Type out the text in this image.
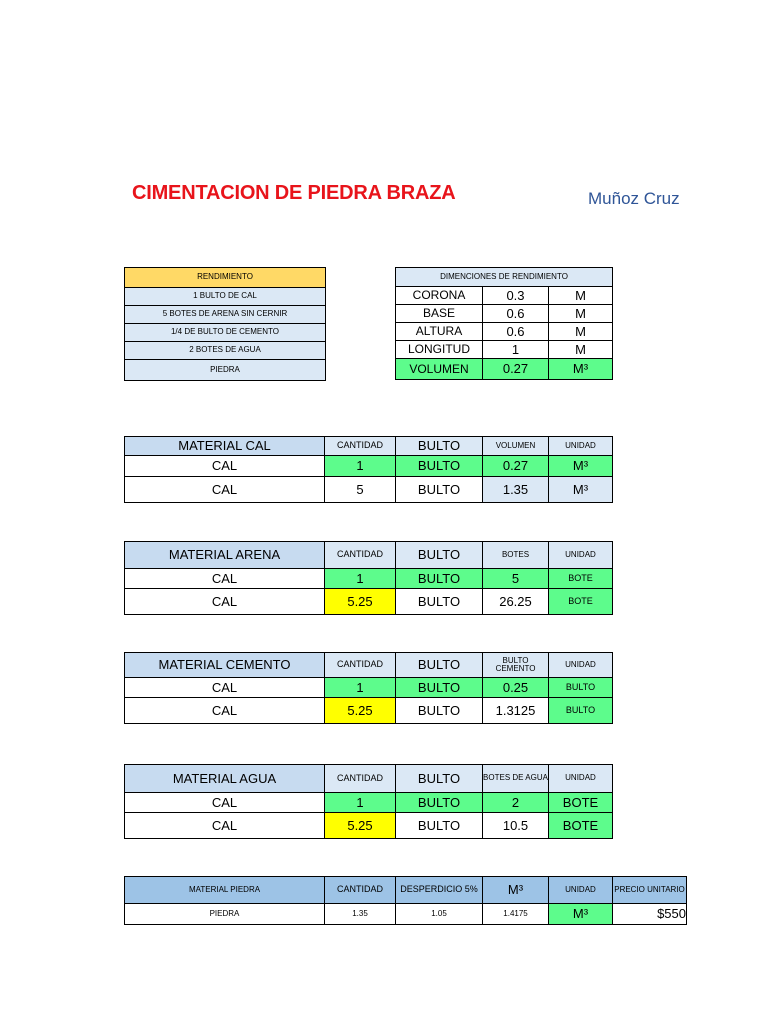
CIMENTACION DE PIEDRA BRAZA	Muñoz Cruz
RENDIMIENTO
1 BULTO DE CAL
5 BOTES DE ARENA SIN CERNIR
1/4 DE BULTO DE CEMENTO
2 BOTES DE AGUA
PIEDRA
DIMENCIONES DE RENDIMIENTO		
CORONA	0.3	M
BASE	0.6	M
ALTURA	0.6	M
LONGITUD	1	M
VOLUMEN	0.27	M³
MATERIAL CAL	CANTIDAD	BULTO	VOLUMEN	UNIDAD
CAL	1	BULTO	0.27	M³
CAL	5	BULTO	1.35	M³
MATERIAL ARENA	CANTIDAD	BULTO	BOTES	UNIDAD
CAL	1	BULTO	5	BOTE
CAL	5.25	BULTO	26.25	BOTE
MATERIAL CEMENTO	CANTIDAD	BULTO	BULTO CEMENTO	UNIDAD
CAL	1	BULTO	0.25	BULTO
CAL	5.25	BULTO	1.3125	BULTO
MATERIAL AGUA	CANTIDAD	BULTO	BOTES DE AGUA	UNIDAD
CAL	1	BULTO	2	BOTE
CAL	5.25	BULTO	10.5	BOTE
MATERIAL PIEDRA	CANTIDAD	DESPERDICIO 5%	M³	UNIDAD	PRECIO UNITARIO
PIEDRA	1.35	1.05	1.4175	M³	$550
